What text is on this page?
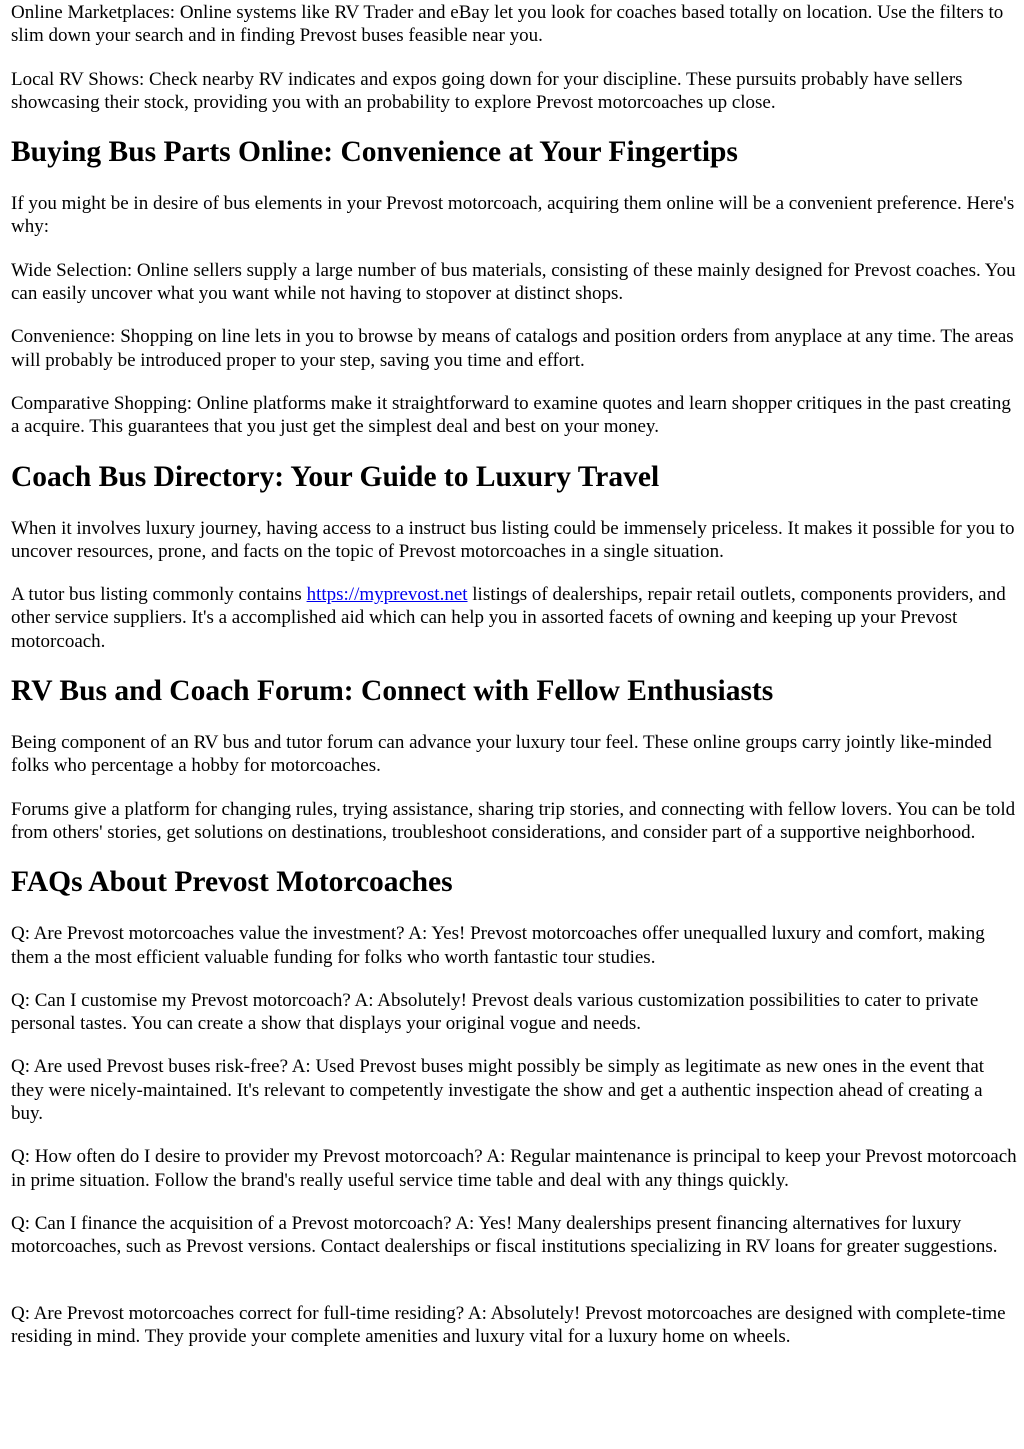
Online Marketplaces: Online systems like RV Trader and eBay let you look for coaches based totally on location. Use the filters to slim down your search and in finding Prevost buses feasible near you.

Local RV Shows: Check nearby RV indicates and expos going down for your discipline. These pursuits probably have sellers showcasing their stock, providing you with an probability to explore Prevost motorcoaches up close.

Buying Bus Parts Online: Convenience at Your Fingertips

If you might be in desire of bus elements in your Prevost motorcoach, acquiring them online will be a convenient preference. Here's why:

Wide Selection: Online sellers supply a large number of bus materials, consisting of these mainly designed for Prevost coaches. You can easily uncover what you want while not having to stopover at distinct shops.

Convenience: Shopping on line lets in you to browse by means of catalogs and position orders from anyplace at any time. The areas will probably be introduced proper to your step, saving you time and effort.

Comparative Shopping: Online platforms make it straightforward to examine quotes and learn shopper critiques in the past creating a acquire. This guarantees that you just get the simplest deal and best on your money.

Coach Bus Directory: Your Guide to Luxury Travel

When it involves luxury journey, having access to a instruct bus listing could be immensely priceless. It makes it possible for you to uncover resources, prone, and facts on the topic of Prevost motorcoaches in a single situation.

A tutor bus listing commonly contains https://myprevost.net listings of dealerships, repair retail outlets, components providers, and other service suppliers. It's a accomplished aid which can help you in assorted facets of owning and keeping up your Prevost motorcoach.

RV Bus and Coach Forum: Connect with Fellow Enthusiasts

Being component of an RV bus and tutor forum can advance your luxury tour feel. These online groups carry jointly like-minded folks who percentage a hobby for motorcoaches.

Forums give a platform for changing rules, trying assistance, sharing trip stories, and connecting with fellow lovers. You can be told from others' stories, get solutions on destinations, troubleshoot considerations, and consider part of a supportive neighborhood.

FAQs About Prevost Motorcoaches

Q: Are Prevost motorcoaches value the investment? A: Yes! Prevost motorcoaches offer unequalled luxury and comfort, making them a the most efficient valuable funding for folks who worth fantastic tour studies.

Q: Can I customise my Prevost motorcoach? A: Absolutely! Prevost deals various customization possibilities to cater to private personal tastes. You can create a show that displays your original vogue and needs.

Q: Are used Prevost buses risk-free? A: Used Prevost buses might possibly be simply as legitimate as new ones in the event that they were nicely-maintained. It's relevant to competently investigate the show and get a authentic inspection ahead of creating a buy.

Q: How often do I desire to provider my Prevost motorcoach? A: Regular maintenance is principal to keep your Prevost motorcoach in prime situation. Follow the brand's really useful service time table and deal with any things quickly.

Q: Can I finance the acquisition of a Prevost motorcoach? A: Yes! Many dealerships present financing alternatives for luxury motorcoaches, such as Prevost versions. Contact dealerships or fiscal institutions specializing in RV loans for greater suggestions.

Q: Are Prevost motorcoaches correct for full-time residing? A: Absolutely! Prevost motorcoaches are designed with complete-time residing in mind. They provide your complete amenities and luxury vital for a luxury home on wheels.
